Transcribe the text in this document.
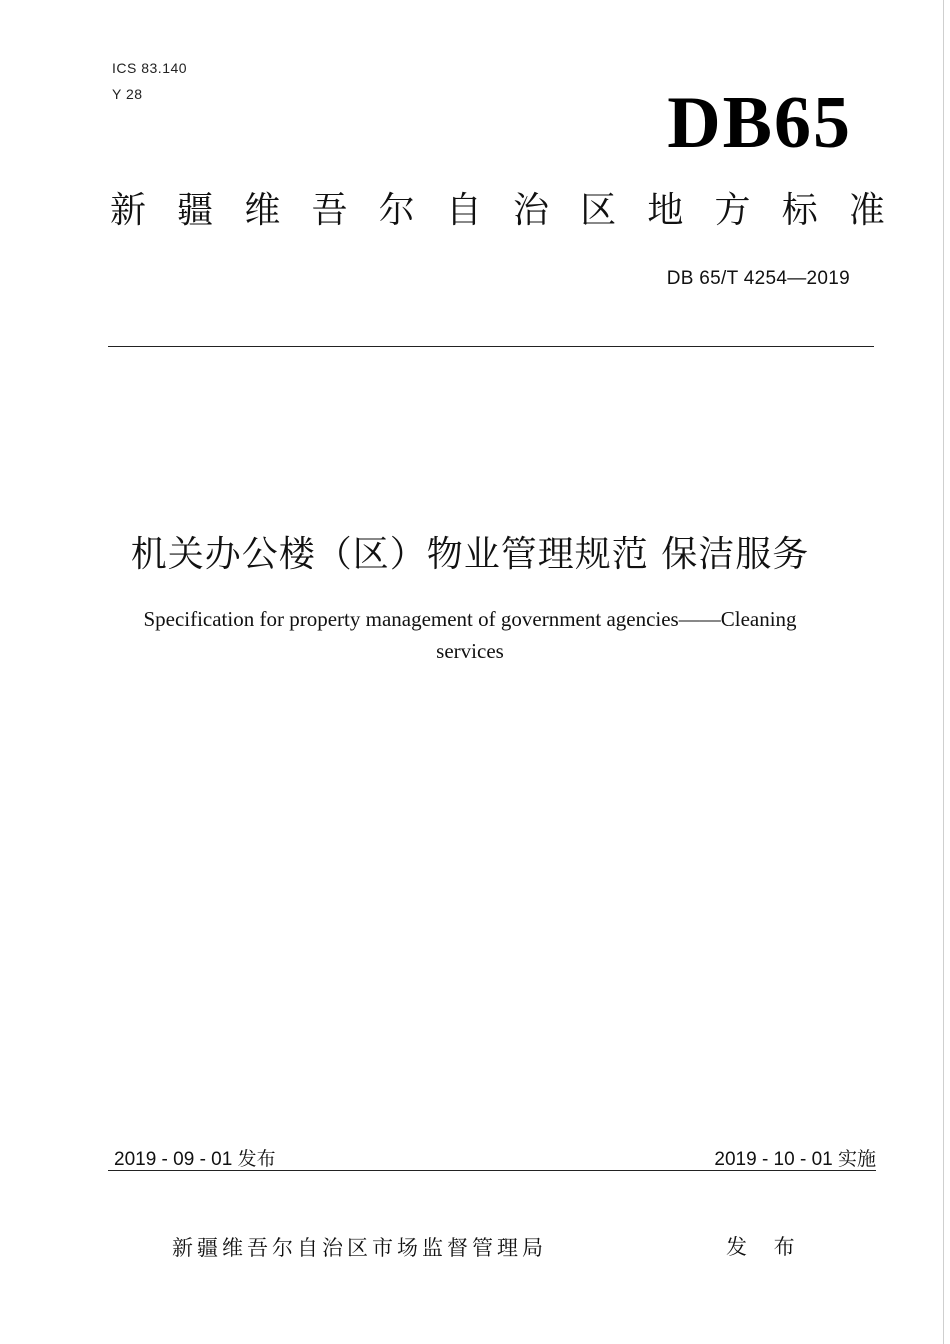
ICS 83.140
Y 28	DB65
新 疆 维 吾 尔 自 治 区 地 方 标 准
DB 65/T 4254—2019
机关办公楼（区）物业管理规范 保洁服务
Specification for property management of government agencies——Cleaning
services
2019 - 09 - 01 发布	2019 - 10 - 01 实施
新疆维吾尔自治区市场监督管理局	发 布
